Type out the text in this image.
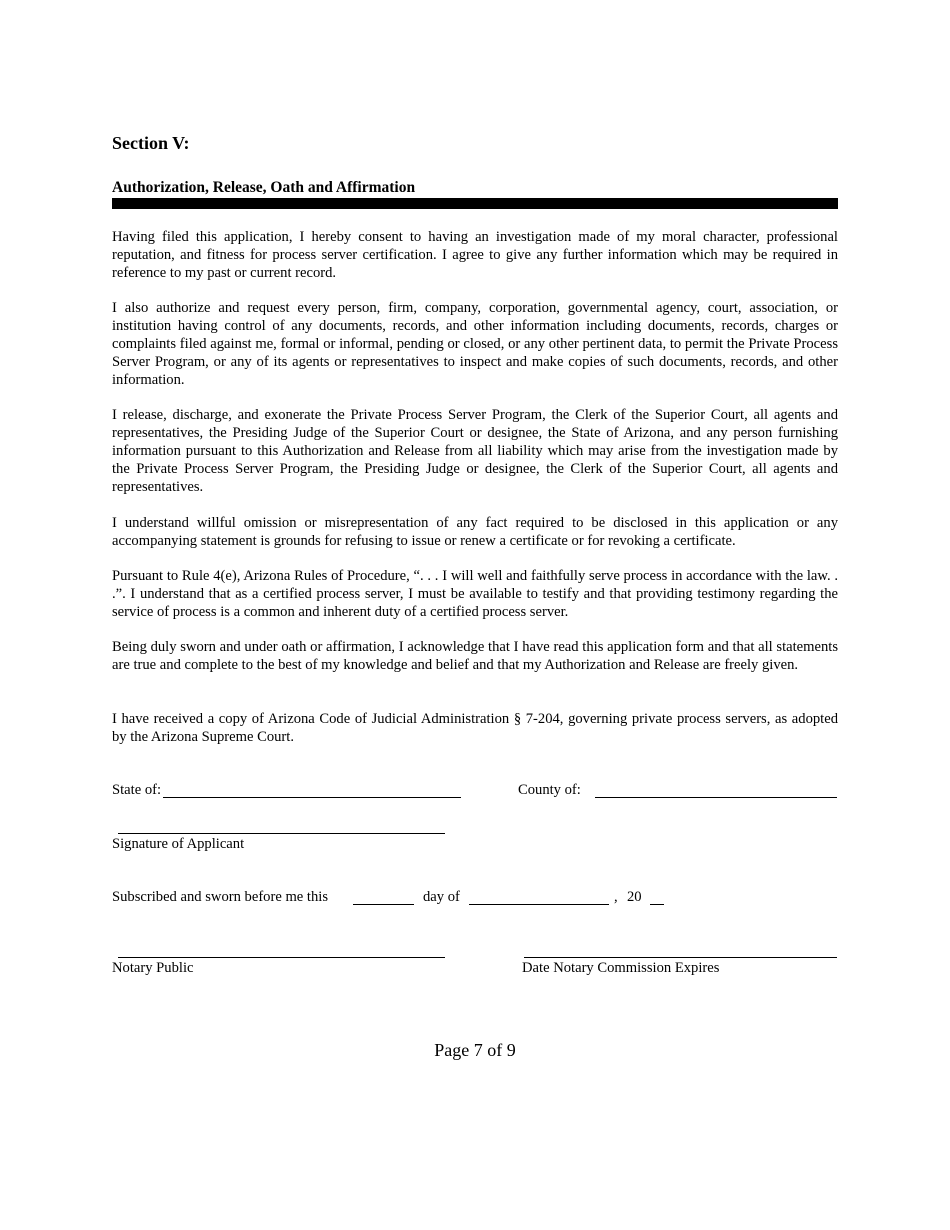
Section V:
Authorization, Release, Oath and Affirmation

Having filed this application, I hereby consent to having an investigation made of my moral character, professional reputation, and fitness for process server certification. I agree to give any further information which may be required in reference to my past or current record.

I also authorize and request every person, firm, company, corporation, governmental agency, court, association, or institution having control of any documents, records, and other information including documents, records, charges or complaints filed against me, formal or informal, pending or closed, or any other pertinent data, to permit the Private Process Server Program, or any of its agents or representatives to inspect and make copies of such documents, records, and other information.

I release, discharge, and exonerate the Private Process Server Program, the Clerk of the Superior Court, all agents and representatives, the Presiding Judge of the Superior Court or designee, the State of Arizona, and any person furnishing information pursuant to this Authorization and Release from all liability which may arise from the investigation made by the Private Process Server Program, the Presiding Judge or designee, the Clerk of the Superior Court, all agents and representatives.

I understand willful omission or misrepresentation of any fact required to be disclosed in this application or any accompanying statement is grounds for refusing to issue or renew a certificate or for revoking a certificate.

Pursuant to Rule 4(e), Arizona Rules of Procedure, “. . . I will well and faithfully serve process in accordance with the law. . .”. I understand that as a certified process server, I must be available to testify and that providing testimony regarding the service of process is a common and inherent duty of a certified process server.

Being duly sworn and under oath or affirmation, I acknowledge that I have read this application form and that all statements are true and complete to the best of my knowledge and belief and that my Authorization and Release are freely given.

I have received a copy of Arizona Code of Judicial Administration § 7-204, governing private process servers, as adopted by the Arizona Supreme Court.

State of:	County of:
Signature of Applicant
Subscribed and sworn before me this	day of	, 20
Notary Public	Date Notary Commission Expires
Page 7 of 9
